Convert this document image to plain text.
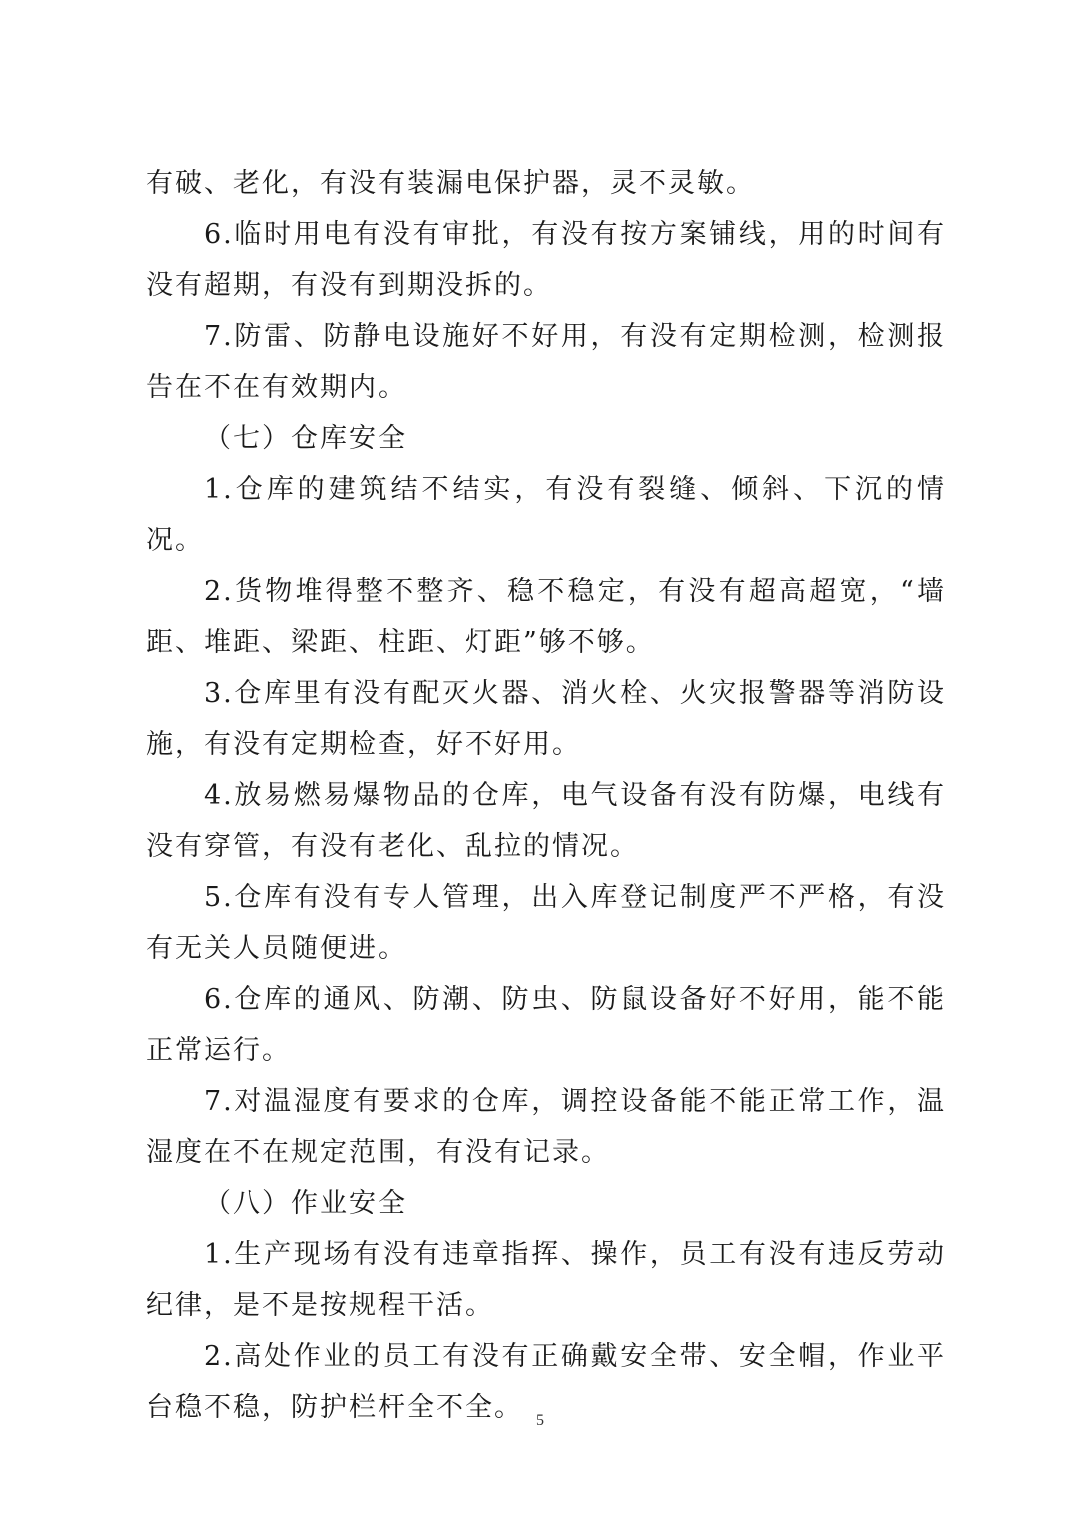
有破、老化，有没有装漏电保护器，灵不灵敏。

6.临时用电有没有审批，有没有按方案铺线，用的时间有没有超期，有没有到期没拆的。

7.防雷、防静电设施好不好用，有没有定期检测，检测报告在不在有效期内。

（七）仓库安全

1.仓库的建筑结不结实，有没有裂缝、倾斜、下沉的情况。

2.货物堆得整不整齐、稳不稳定，有没有超高超宽，“墙距、堆距、梁距、柱距、灯距”够不够。

3.仓库里有没有配灭火器、消火栓、火灾报警器等消防设施，有没有定期检查，好不好用。

4.放易燃易爆物品的仓库，电气设备有没有防爆，电线有没有穿管，有没有老化、乱拉的情况。

5.仓库有没有专人管理，出入库登记制度严不严格，有没有无关人员随便进。

6.仓库的通风、防潮、防虫、防鼠设备好不好用，能不能正常运行。

7.对温湿度有要求的仓库，调控设备能不能正常工作，温湿度在不在规定范围，有没有记录。

（八）作业安全

1.生产现场有没有违章指挥、操作，员工有没有违反劳动纪律，是不是按规程干活。

2.高处作业的员工有没有正确戴安全带、安全帽，作业平台稳不稳，防护栏杆全不全。 5
